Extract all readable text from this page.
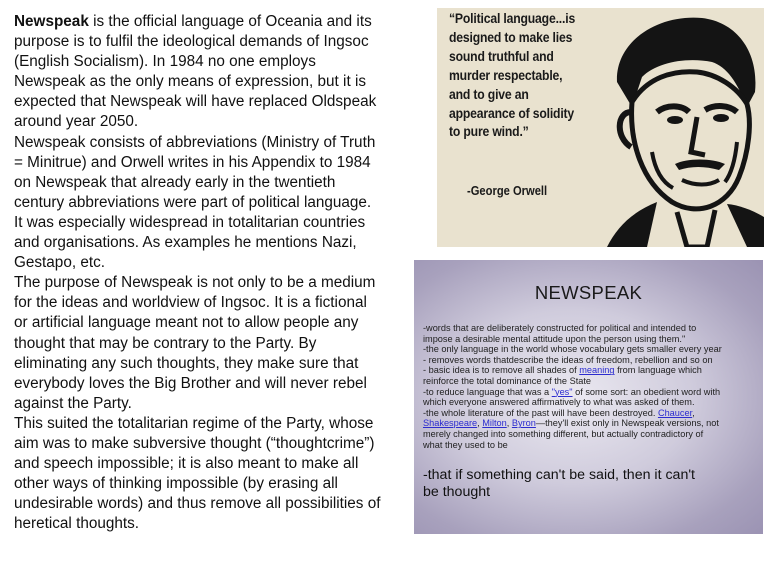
Newspeak is the official language of Oceania and its
purpose is to fulfil the ideological demands of Ingsoc
(English Socialism). In 1984 no one employs
Newspeak as the only means of expression, but it is
expected that Newspeak will have replaced Oldspeak
around year 2050.

Newspeak consists of abbreviations (Ministry of Truth
= Minitrue) and Orwell writes in his Appendix to 1984
on Newspeak that already early in the twentieth
century abbreviations were part of political language.
It was especially widespread in totalitarian countries
and organisations. As examples he mentions Nazi,
Gestapo, etc.

The purpose of Newspeak is not only to be a medium
for the ideas and worldview of Ingsoc. It is a fictional
or artificial language meant not to allow people any
thought that may be contrary to the Party. By
eliminating any such thoughts, they make sure that
everybody loves the Big Brother and will never rebel
against the Party.

This suited the totalitarian regime of the Party, whose
aim was to make subversive thought (“thoughtcrime”)
and speech impossible; it is also meant to make all
other ways of thinking impossible (by erasing all
undesirable words) and thus remove all possibilities of
heretical thoughts.

“Political language...is
designed to make lies
sound truthful and
murder respectable,
and to give an
appearance of solidity
to pure wind.”
-George Orwell
NEWSPEAK
-words that are deliberately constructed for political and intended to
impose a desirable mental attitude upon the person using them."
-the only language in the world whose vocabulary gets smaller every year
- removes words thatdescribe the ideas of freedom, rebellion and so on
- basic idea is to remove all shades of meaning from language which
reinforce the total dominance of the State
-to reduce language that was a "yes" of some sort: an obedient word with
which everyone answered affirmatively to what was asked of them.
-the whole literature of the past will have been destroyed. Chaucer,
Shakespeare, Milton, Byron—they'll exist only in Newspeak versions, not
merely changed into something different, but actually contradictory of
what they used to be
-that if something can't be said, then it can't
be thought
